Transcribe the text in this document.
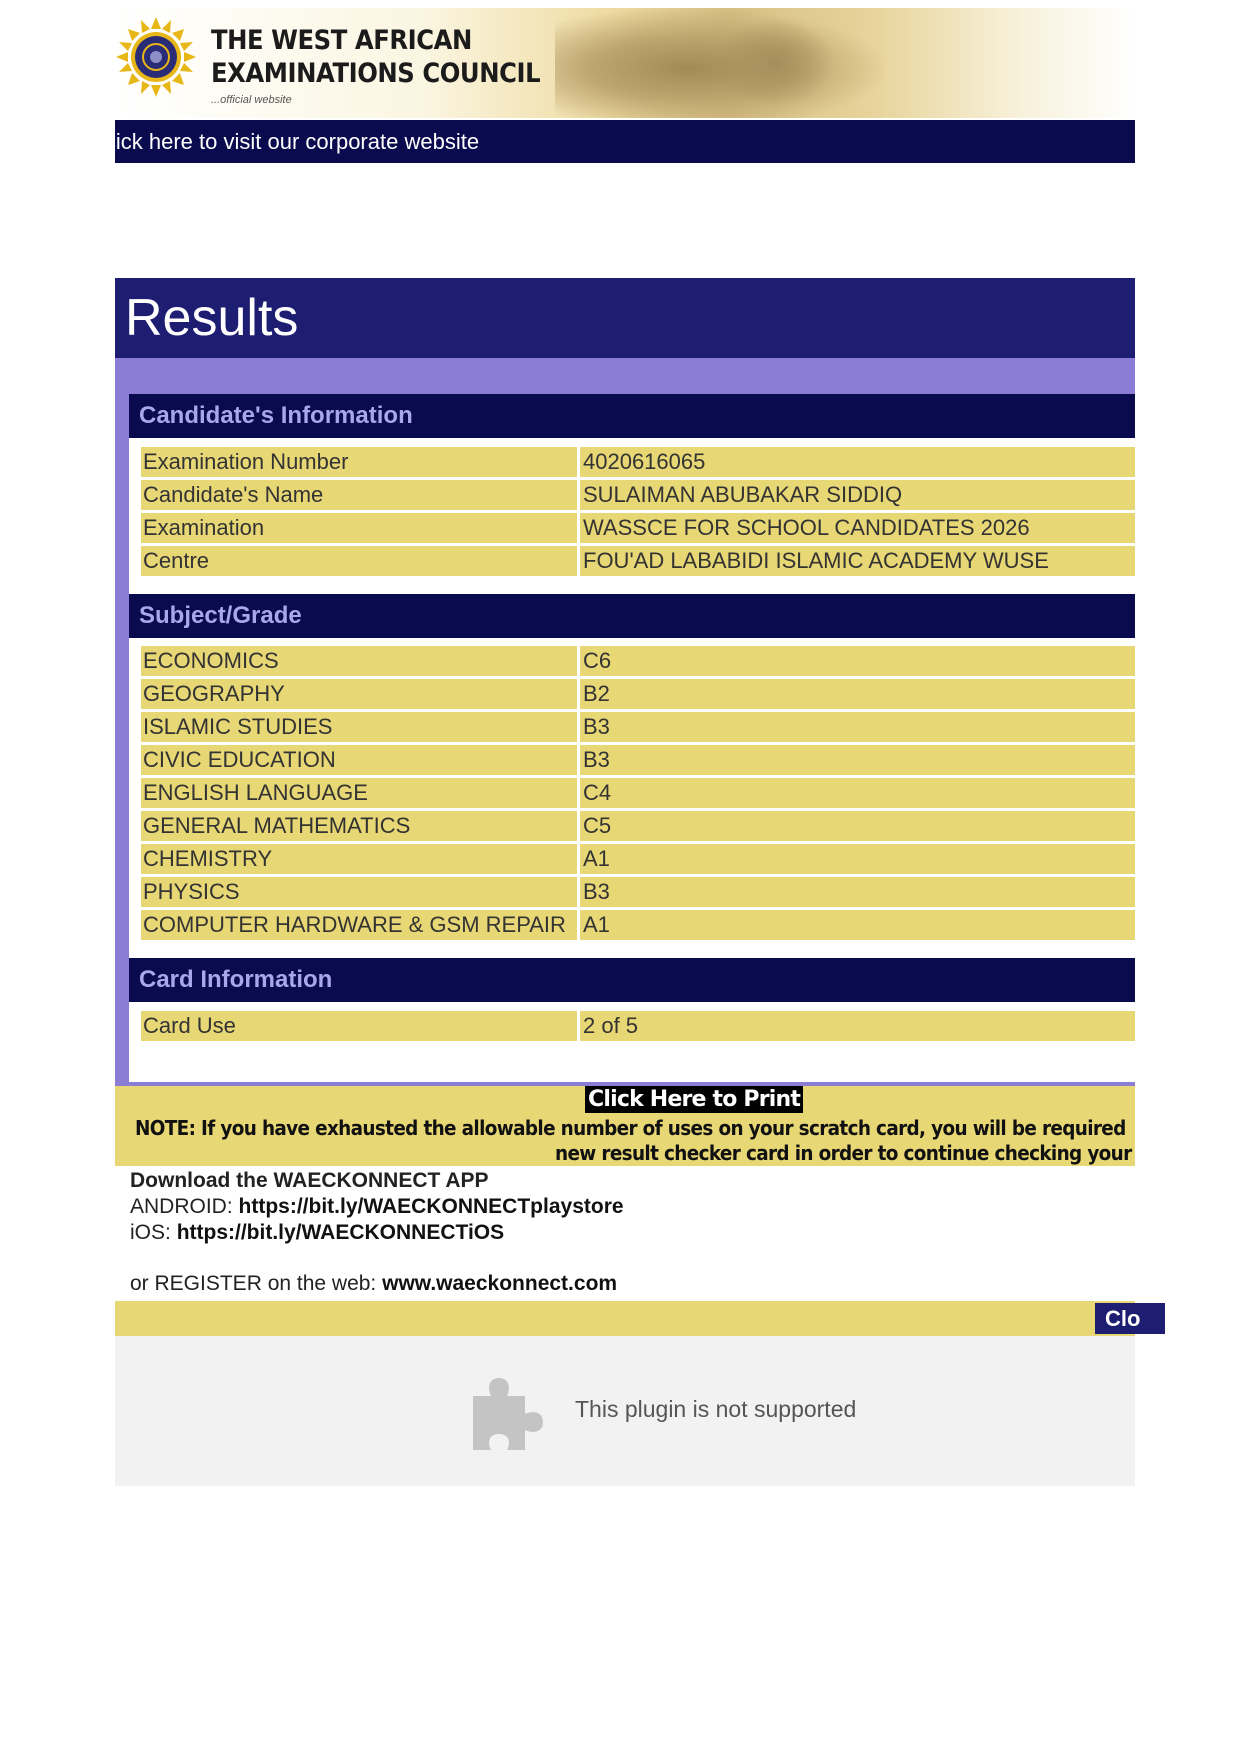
THE WEST AFRICAN
EXAMINATIONS COUNCIL
...official website
lick here to visit our corporate website
Results
Candidate's Information
Examination Number	4020616065
Candidate's Name	SULAIMAN ABUBAKAR SIDDIQ
Examination	WASSCE FOR SCHOOL CANDIDATES 2026
Centre	FOU'AD LABABIDI ISLAMIC ACADEMY WUSE
Subject/Grade
ECONOMICS	C6
GEOGRAPHY	B2
ISLAMIC STUDIES	B3
CIVIC EDUCATION	B3
ENGLISH LANGUAGE	C4
GENERAL MATHEMATICS	C5
CHEMISTRY	A1
PHYSICS	B3
COMPUTER HARDWARE & GSM REPAIR A1
Card Information
Card Use	2 of 5
Click Here to Print
NOTE: If you have exhausted the allowable number of uses on your scratch card, you will be required
new result checker card in order to continue checking your
Download the WAECKONNECT APP
ANDROID: https://bit.ly/WAECKONNECTplaystore
iOS: https://bit.ly/WAECKONNECTiOS
or REGISTER on the web: www.waeckonnect.com
Clo
This plugin is not supported
